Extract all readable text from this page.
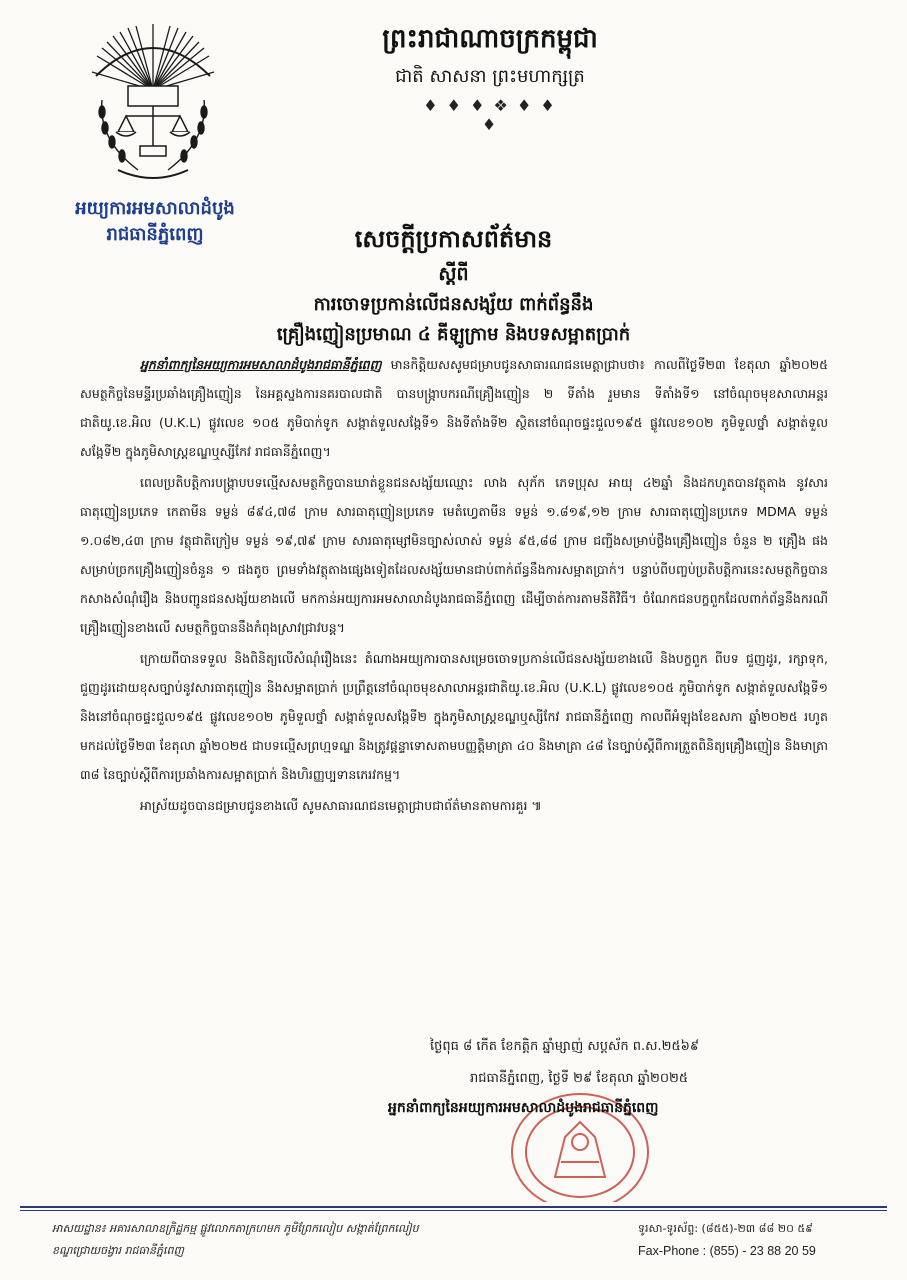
អយ្យការអមសាលាដំបូង
រាជធានីភ្នំពេញ
ព្រះរាជាណាចក្រកម្ពុជា
ជាតិ សាសនា ព្រះមហាក្សត្រ
♦ ♦ ♦ ❖ ♦ ♦ ♦
សេចក្តីប្រកាសព័ត៌មាន
ស្តីពី
ការចោទប្រកាន់លើជនសង្ស័យ ពាក់ព័ន្ធនឹង
គ្រឿងញៀនប្រមាណ ៤ គីឡូក្រាម និងបទសម្អាតប្រាក់

អ្នកនាំពាក្យនៃអយ្យការអមសាលាដំបូងរាជធានីភ្នំពេញ មានកិត្តិយសសូមជម្រាបជូនសាធារណជនមេត្តាជ្រាបថា៖ កាលពីថ្ងៃទី២៣ ខែតុលា ឆ្នាំ២០២៥ សមត្ថកិច្ចនៃមន្ទីរប្រឆាំងគ្រឿងញៀន នៃអគ្គស្នងការនគរបាលជាតិ បានបង្ក្រាបករណីគ្រឿងញៀន ២ ទីតាំង រួមមាន ទីតាំងទី១ នៅចំណុចមុខសាលាអន្តរជាតិយូ.ខេ.អិល (U.K.L) ផ្លូវលេខ ១០៥ ភូមិបាក់ទូក សង្កាត់ទួលសង្កែទី១ និងទីតាំងទី២ ស្ថិតនៅចំណុចផ្ទះជួល១៩៥ ផ្លូវលេខ១០២ ភូមិទួលថ្នាំ សង្កាត់ទួលសង្កែទី២ ក្នុងភូមិសាស្រ្តខណ្ឌឬស្សីកែវ រាជធានីភ្នំពេញ។

ពេលប្រតិបត្តិការបង្ក្រាបបទល្មើសសមត្ថកិច្ចបានឃាត់ខ្លួនជនសង្ស័យឈ្មោះ លាង សុភ័ក ភេទប្រុស អាយុ ៤២ឆ្នាំ និងដកហូតបានវត្ថុតាង នូវសារធាតុញៀនប្រភេទ កេតាមីន ទម្ងន់ ៨៩៤,៧៨ ក្រាម សារធាតុញៀនប្រភេទ មេតំហ្វេតាមីន ទម្ងន់ ១.៨១៩,១២ ក្រាម សារធាតុញៀនប្រភេទ MDMA ទម្ងន់ ១.០៨២,៤៣ ក្រាម វត្ថុជាតិក្រៀម ទម្ងន់ ១៩,៧៩ ក្រាម សារធាតុម្សៅមិនច្បាស់លាស់ ទម្ងន់ ៩៥,៨៨ ក្រាម ជញ្ជីងសម្រាប់ថ្លឹងគ្រឿងញៀន ចំនួន ២ គ្រឿង ផង សម្រាប់ច្រកគ្រឿងញៀនចំនួន ១ ផងតូច ព្រមទាំងវត្ថុតាងផ្សេងទៀតដែលសង្ស័យមានជាប់ពាក់ព័ន្ធនឹងការសម្អាតប្រាក់។ បន្ទាប់ពីបញ្ចប់ប្រតិបត្តិការនេះសមត្ថកិច្ចបានកសាងសំណុំរឿង និងបញ្ជូនជនសង្ស័យខាងលើ មកកាន់អយ្យការអមសាលាដំបូងរាជធានីភ្នំពេញ ដើម្បីចាត់ការតាមនីតិវិធី។ ចំណែកជនបក្ខពួកដែលពាក់ព័ន្ធនឹងករណីគ្រឿងញៀនខាងលើ សមត្ថកិច្ចបាននឹងកំពុងស្រាវជ្រាវបន្ត។

ក្រោយពីបានទទួល និងពិនិត្យលើសំណុំរឿងនេះ តំណាងអយ្យការបានសម្រេចចោទប្រកាន់លើជនសង្ស័យខាងលើ និងបក្ខពួក ពីបទ ជួញដូរ, រក្សាទុក, ជួញដូរដោយខុសច្បាប់នូវសារធាតុញៀន និងសម្អាតប្រាក់ ប្រព្រឹត្តនៅចំណុចមុខសាលាអន្តរជាតិយូ.ខេ.អិល (U.K.L) ផ្លូវលេខ១០៥ ភូមិបាក់ទូក សង្កាត់ទួលសង្កែទី១ និងនៅចំណុចផ្ទះជួល១៩៥ ផ្លូវលេខ១០២ ភូមិទួលថ្នាំ សង្កាត់ទួលសង្កែទី២ ក្នុងភូមិសាស្រ្តខណ្ឌឬស្សីកែវ រាជធានីភ្នំពេញ កាលពីអំឡុងខែឧសភា ឆ្នាំ២០២៥ រហូតមកដល់ថ្ងៃទី២៣ ខែតុលា ឆ្នាំ២០២៥ ជាបទល្មើសព្រហ្មទណ្ឌ និងត្រូវផ្តន្ទាទោសតាមបញ្ញត្តិមាត្រា ៤០ និងមាត្រា ៤៨ នៃច្បាប់ស្តីពីការត្រួតពិនិត្យគ្រឿងញៀន និងមាត្រា ៣៨ នៃច្បាប់ស្តីពីការប្រឆាំងការសម្អាតប្រាក់ និងហិរញ្ញប្បទានភេរវកម្ម។

អាស្រ័យដូចបានជម្រាបជូនខាងលើ សូមសាធារណជនមេត្តាជ្រាបជាព័ត៌មានតាមការគួរ ៕

ថ្ងៃពុធ ៨ កើត ខែកត្តិក ឆ្នាំម្សាញ់ សប្តស័ក ព.ស.២៥៦៩
រាជធានីភ្នំពេញ, ថ្ងៃទី ២៩ ខែតុលា ឆ្នាំ២០២៥
អ្នកនាំពាក្យនៃអយ្យការអមសាលាដំបូងរាជធានីភ្នំពេញ
អាសយដ្ឋាន៖ អគារសាលាឧក្រិដ្ឋកម្ម ផ្លូវលោកតាក្រហមក ភូមិព្រែកលៀប សង្កាត់ព្រែកលៀប
ខណ្ឌជ្រោយចង្វារ រាជធានីភ្នំពេញ
ទូរសា-ទូរស័ព្ទ: (៨៥៥)-២៣ ៨៨ ២០ ៥៩
Fax-Phone : (855) - 23 88 20 59
